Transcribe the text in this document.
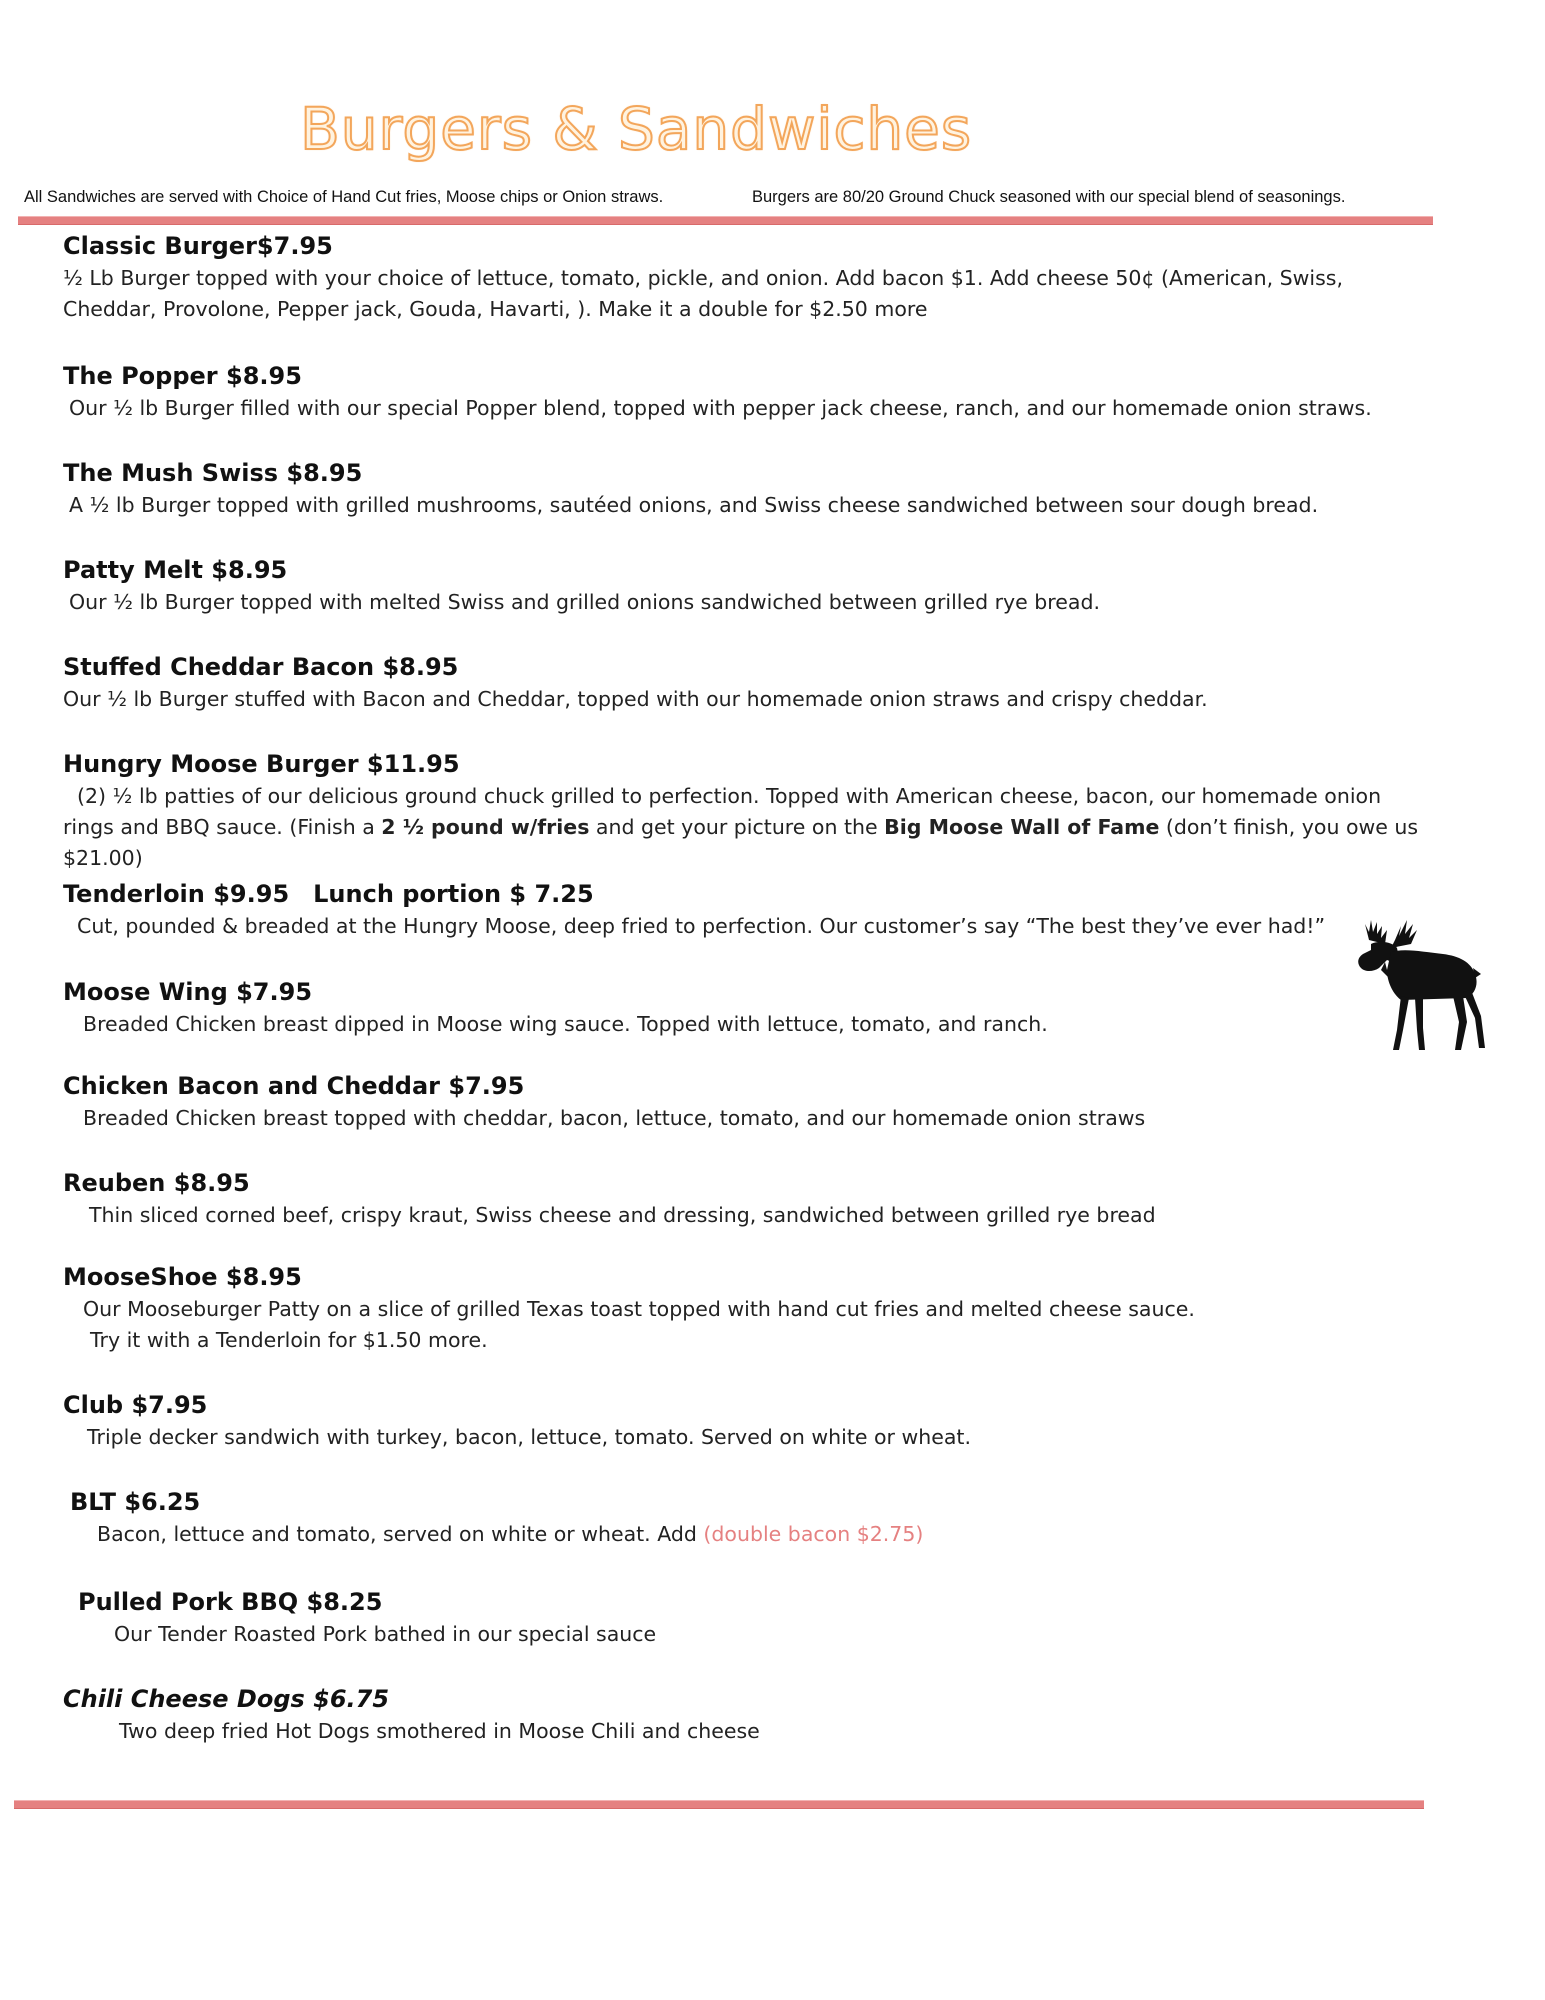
Burgers & Sandwiches
All Sandwiches are served with Choice of Hand Cut fries, Moose chips or Onion straws.	Burgers are 80/20 Ground Chuck seasoned with our special blend of seasonings.
Classic Burger$7.95
½ Lb Burger topped with your choice of lettuce, tomato, pickle, and onion. Add bacon $1. Add cheese 50¢ (American, Swiss, Cheddar, Provolone, Pepper jack, Gouda, Havarti, ). Make it a double for $2.50 more
The Popper $8.95
Our ½ lb Burger filled with our special Popper blend, topped with pepper jack cheese, ranch, and our homemade onion straws.
The Mush Swiss $8.95
A ½ lb Burger topped with grilled mushrooms, sautéed onions, and Swiss cheese sandwiched between sour dough bread.
Patty Melt $8.95
Our ½ lb Burger topped with melted Swiss and grilled onions sandwiched between grilled rye bread.
Stuffed Cheddar Bacon $8.95
Our ½ lb Burger stuffed with Bacon and Cheddar, topped with our homemade onion straws and crispy cheddar.
Hungry Moose Burger $11.95
(2) ½ lb patties of our delicious ground chuck grilled to perfection. Topped with American cheese, bacon, our homemade onion rings and BBQ sauce. (Finish a 2 ½ pound w/fries and get your picture on the Big Moose Wall of Fame (don’t finish, you owe us $21.00)
Tenderloin $9.95 Lunch portion $ 7.25
Cut, pounded & breaded at the Hungry Moose, deep fried to perfection. Our customer’s say “The best they’ve ever had!”
Moose Wing $7.95
Breaded Chicken breast dipped in Moose wing sauce. Topped with lettuce, tomato, and ranch.
Chicken Bacon and Cheddar $7.95
Breaded Chicken breast topped with cheddar, bacon, lettuce, tomato, and our homemade onion straws
Reuben $8.95
Thin sliced corned beef, crispy kraut, Swiss cheese and dressing, sandwiched between grilled rye bread
MooseShoe $8.95
Our Mooseburger Patty on a slice of grilled Texas toast topped with hand cut fries and melted cheese sauce.
Try it with a Tenderloin for $1.50 more.
Club $7.95
Triple decker sandwich with turkey, bacon, lettuce, tomato. Served on white or wheat.
BLT $6.25
Bacon, lettuce and tomato, served on white or wheat. Add (double bacon $2.75)
Pulled Pork BBQ $8.25
Our Tender Roasted Pork bathed in our special sauce
Chili Cheese Dogs $6.75
Two deep fried Hot Dogs smothered in Moose Chili and cheese
